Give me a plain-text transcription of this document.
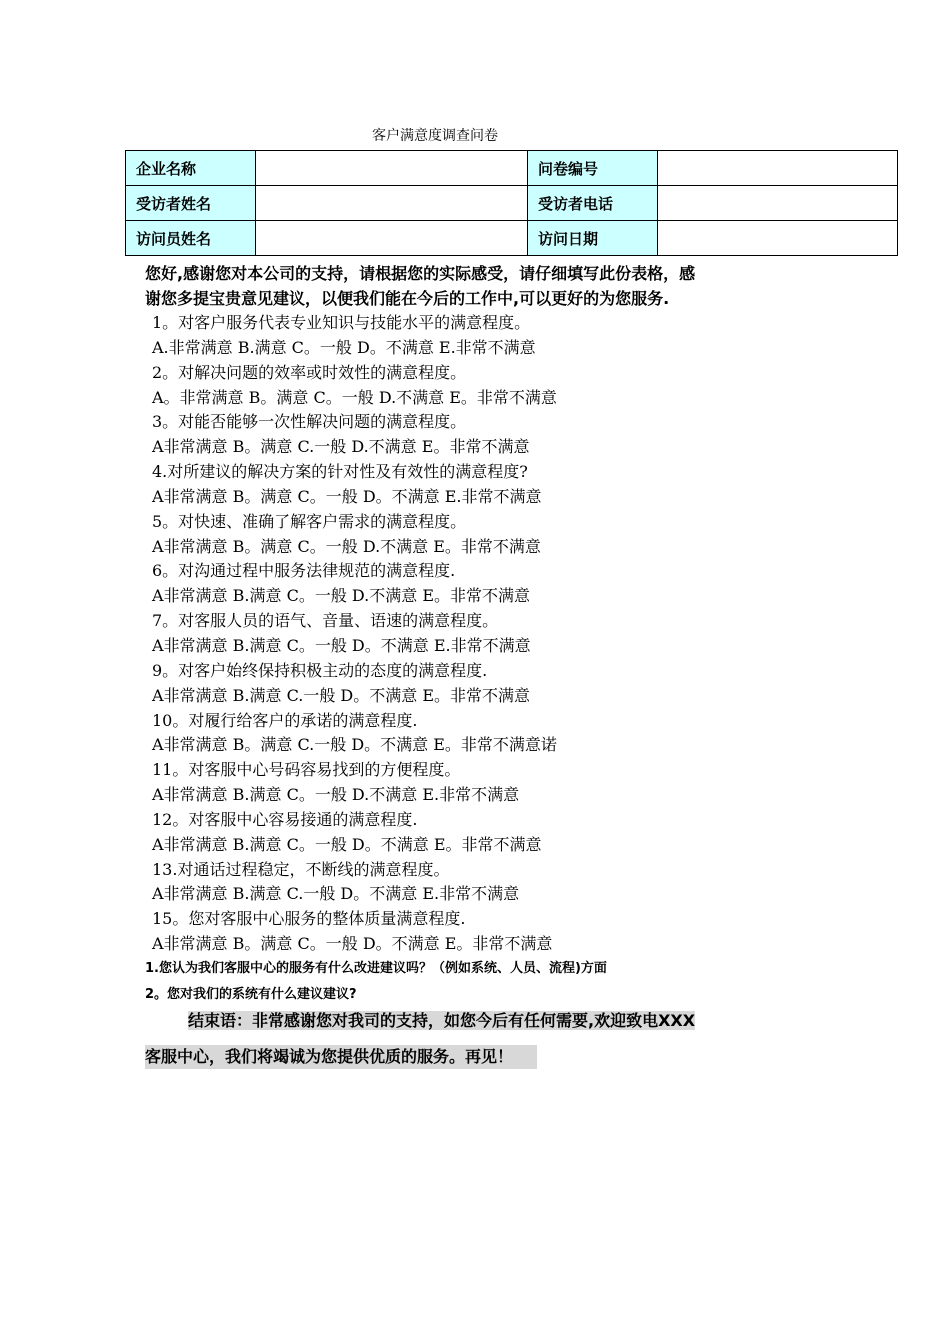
客户满意度调查问卷
企业名称		问卷编号	
受访者姓名		受访者电话	
访问员姓名		访问日期	
您好,感谢您对本公司的支持，请根据您的实际感受，请仔细填写此份表格，感
谢您多提宝贵意见建议，以便我们能在今后的工作中,可以更好的为您服务.
1。对客户服务代表专业知识与技能水平的满意程度。
A.非常满意 B.满意 C。一般 D。不满意 E.非常不满意
2。对解决问题的效率或时效性的满意程度。
A。非常满意 B。满意 C。一般 D.不满意 E。非常不满意
3。对能否能够一次性解决问题的满意程度。
A非常满意 B。满意 C.一般 D.不满意 E。非常不满意
4.对所建议的解决方案的针对性及有效性的满意程度?
A非常满意 B。满意 C。一般 D。不满意 E.非常不满意
5。对快速、准确了解客户需求的满意程度。
A非常满意 B。满意 C。一般 D.不满意 E。非常不满意
6。对沟通过程中服务法律规范的满意程度.
A非常满意 B.满意 C。一般 D.不满意 E。非常不满意
7。对客服人员的语气、音量、语速的满意程度。
A非常满意 B.满意 C。一般 D。不满意 E.非常不满意
9。对客户始终保持积极主动的态度的满意程度.
A非常满意 B.满意 C.一般 D。不满意 E。非常不满意
10。对履行给客户的承诺的满意程度.
A非常满意 B。满意 C.一般 D。不满意 E。非常不满意诺
11。对客服中心号码容易找到的方便程度。
A非常满意 B.满意 C。一般 D.不满意 E.非常不满意
12。对客服中心容易接通的满意程度.
A非常满意 B.满意 C。一般 D。不满意 E。非常不满意
13.对通话过程稳定，不断线的满意程度。
A非常满意 B.满意 C.一般 D。不满意 E.非常不满意
15。您对客服中心服务的整体质量满意程度.
A非常满意 B。满意 C。一般 D。不满意 E。非常不满意
1.您认为我们客服中心的服务有什么改进建议吗？（例如系统、人员、流程)方面
2。您对我们的系统有什么建议建议?
结束语：非常感谢您对我司的支持，如您今后有任何需要,欢迎致电XXX
客服中心，我们将竭诚为您提供优质的服务。再见！
